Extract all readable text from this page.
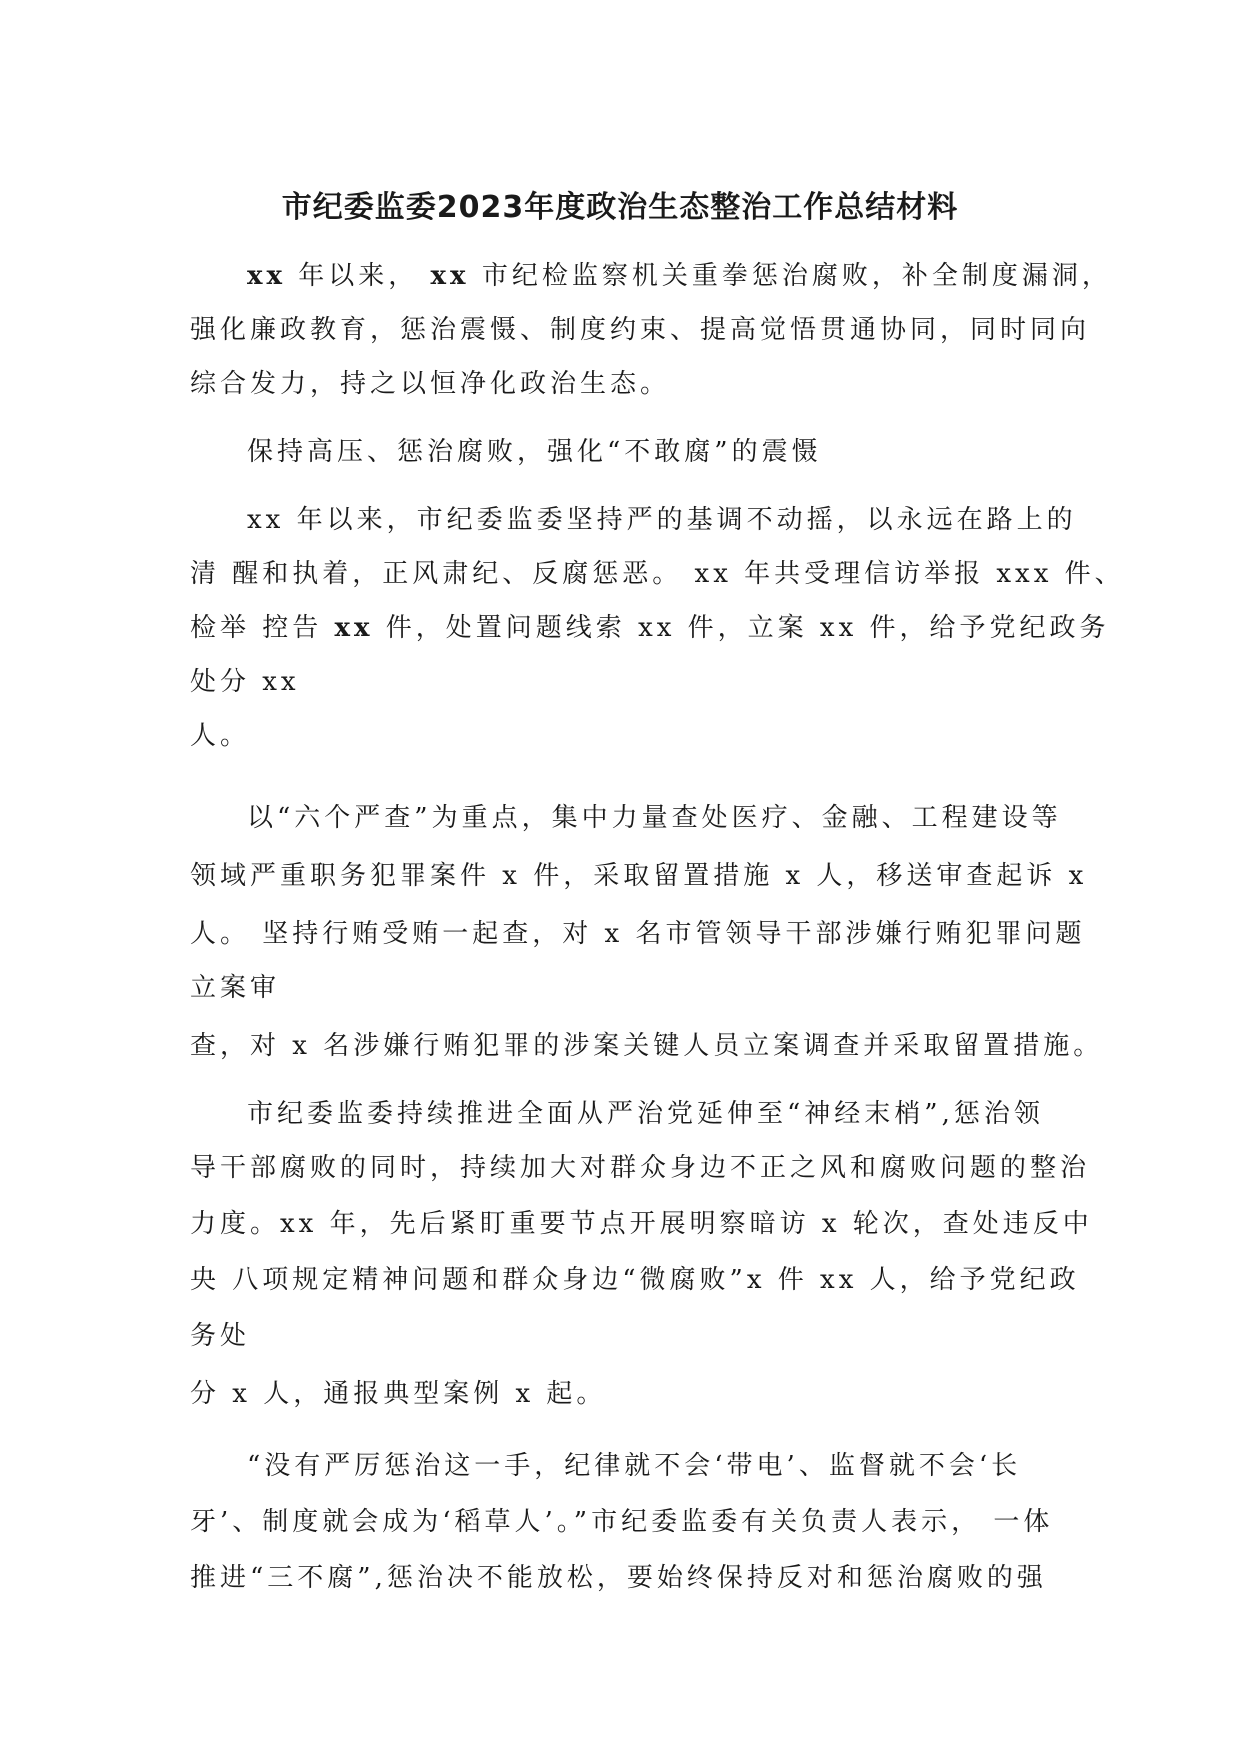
市纪委监委2023年度政治生态整治工作总结材料

xx 年以来， xx 市纪检监察机关重拳惩治腐败，补全制度漏洞，

强化廉政教育，惩治震慑、制度约束、提高觉悟贯通协同，同时同向

综合发力，持之以恒净化政治生态。

保持高压、惩治腐败，强化“不敢腐”的震慑

xx 年以来，市纪委监委坚持严的基调不动摇，以永远在路上的

清 醒和执着，正风肃纪、反腐惩恶。 xx 年共受理信访举报 xxx 件、

检举 控告 xx 件，处置问题线索 xx 件，立案 xx 件，给予党纪政务

处分 xx

人。

以“六个严查”为重点，集中力量查处医疗、金融、工程建设等

领域严重职务犯罪案件 x 件，采取留置措施 x 人，移送审查起诉 x

人。 坚持行贿受贿一起查，对 x 名市管领导干部涉嫌行贿犯罪问题

立案审

查，对 x 名涉嫌行贿犯罪的涉案关键人员立案调查并采取留置措施。

市纪委监委持续推进全面从严治党延伸至“神经末梢”,惩治领

导干部腐败的同时，持续加大对群众身边不正之风和腐败问题的整治

力度。xx 年，先后紧盯重要节点开展明察暗访 x 轮次，查处违反中

央 八项规定精神问题和群众身边“微腐败”x 件 xx 人，给予党纪政

务处

分 x 人，通报典型案例 x 起。

“没有严厉惩治这一手，纪律就不会‘带电’、监督就不会‘长

牙’、制度就会成为‘稻草人’。”市纪委监委有关负责人表示， 一体

推进“三不腐”,惩治决不能放松，要始终保持反对和惩治腐败的强
